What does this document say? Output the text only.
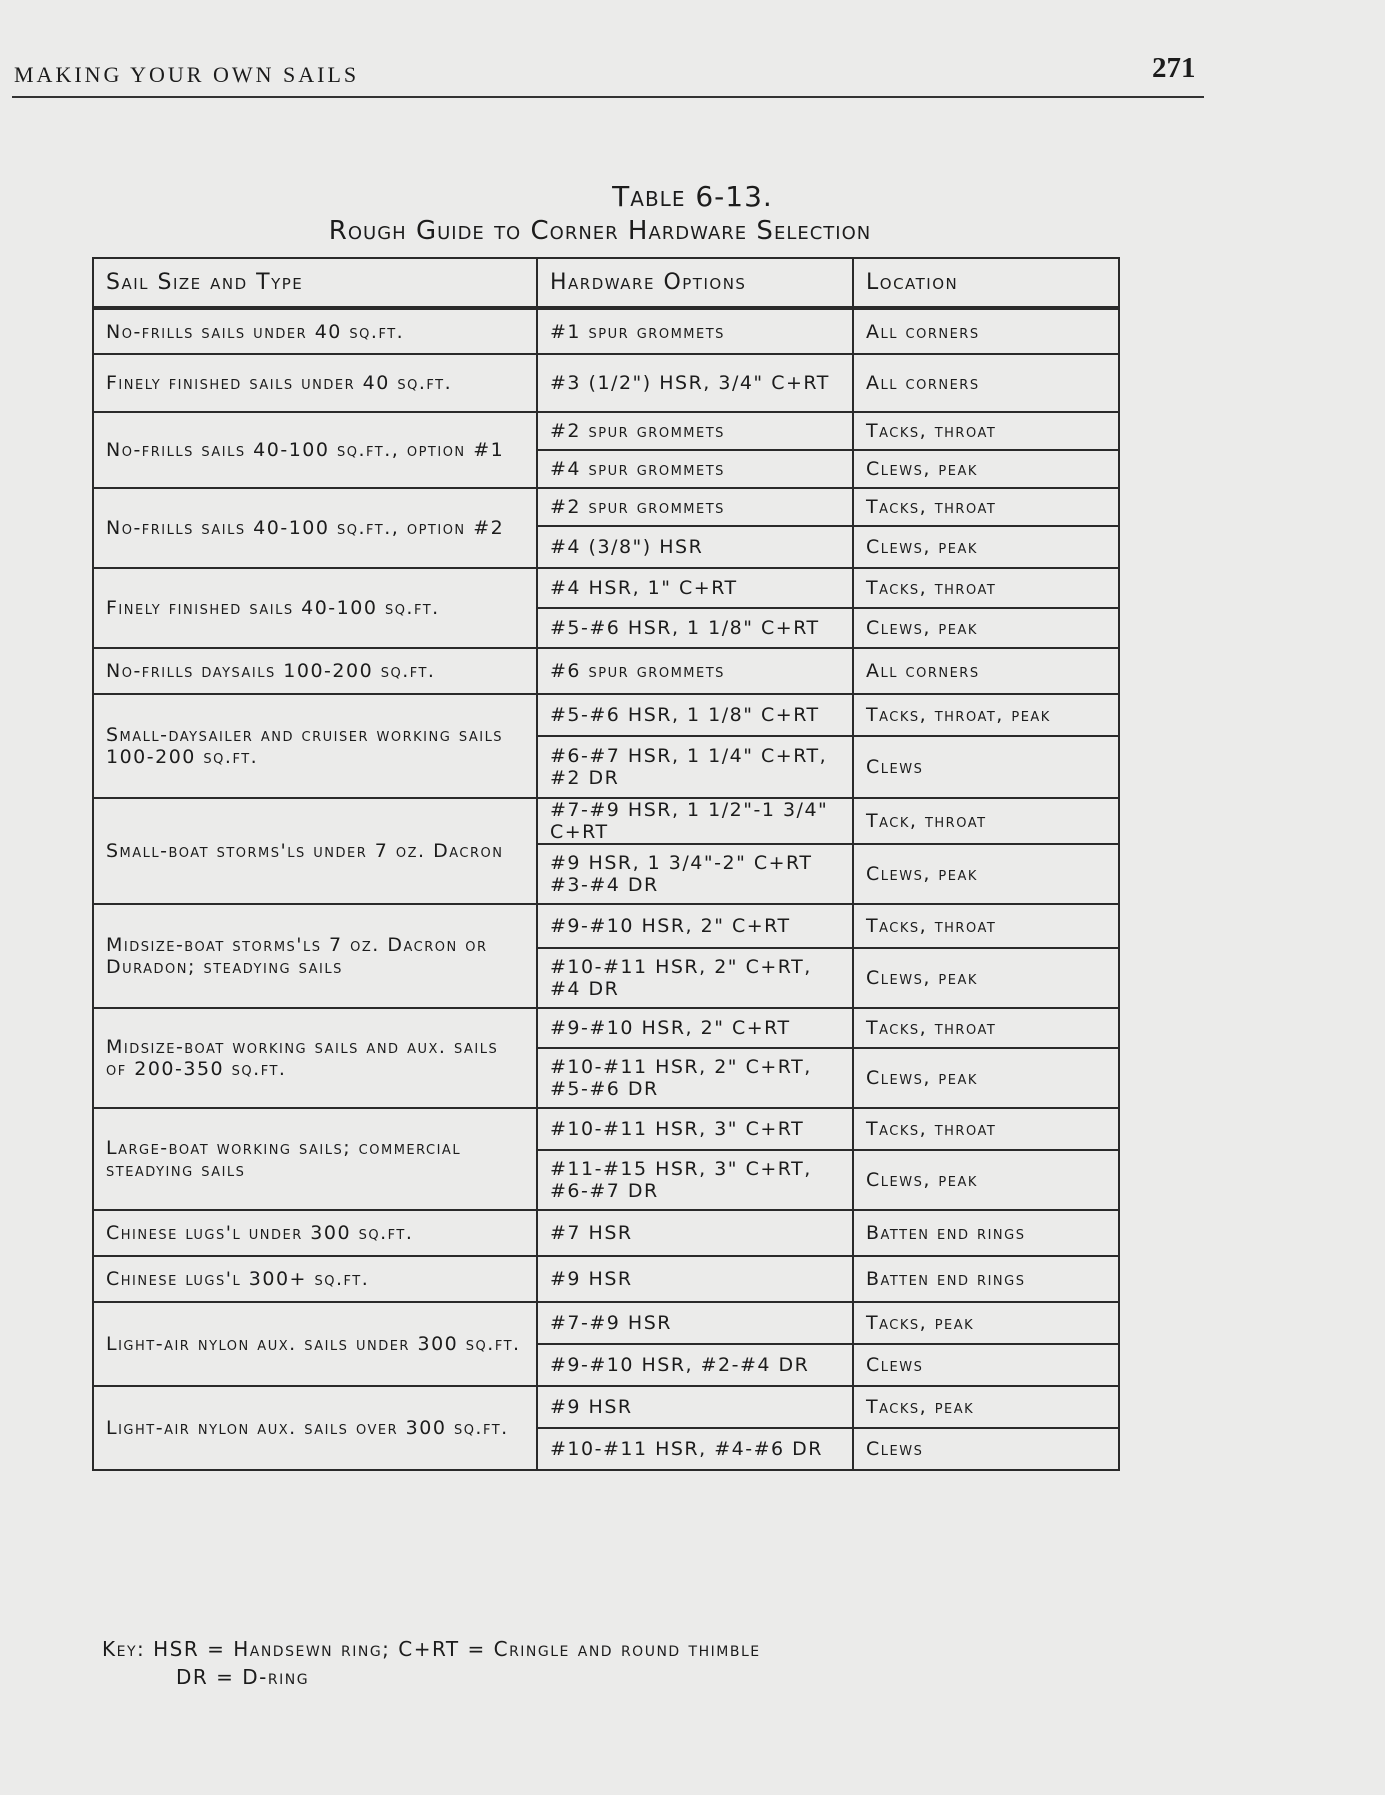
MAKING YOUR OWN SAILS	271
Table 6-13.
Rough Guide to Corner Hardware Selection
Sail Size and Type	Hardware Options	Location
No-frills sails under 40 sq.ft.	#1 spur grommets	All corners
Finely finished sails under 40 sq.ft.	#3 (1/2") HSR, 3/4" C+RT	All corners
No-frills sails 40-100 sq.ft., option #1	#2 spur grommets	Tacks, throat
	#4 spur grommets	Clews, peak
No-frills sails 40-100 sq.ft., option #2	#2 spur grommets	Tacks, throat
	#4 (3/8") HSR	Clews, peak
Finely finished sails 40-100 sq.ft.	#4 HSR, 1" C+RT	Tacks, throat
	#5-#6 HSR, 1 1/8" C+RT	Clews, peak
No-frills daysails 100-200 sq.ft.	#6 spur grommets	All corners
Small-daysailer and cruiser working sails 100-200 sq.ft.	#5-#6 HSR, 1 1/8" C+RT	Tacks, throat, peak
	#6-#7 HSR, 1 1/4" C+RT, #2 DR	Clews
Small-boat storms'ls under 7 oz. Dacron	#7-#9 HSR, 1 1/2"-1 3/4" C+RT	Tack, throat
	#9 HSR, 1 3/4"-2" C+RT #3-#4 DR	Clews, peak
Midsize-boat storms'ls 7 oz. Dacron or Duradon; steadying sails	#9-#10 HSR, 2" C+RT	Tacks, throat
	#10-#11 HSR, 2" C+RT, #4 DR	Clews, peak
Midsize-boat working sails and aux. sails of 200-350 sq.ft.	#9-#10 HSR, 2" C+RT	Tacks, throat
	#10-#11 HSR, 2" C+RT, #5-#6 DR	Clews, peak
Large-boat working sails; commercial steadying sails	#10-#11 HSR, 3" C+RT	Tacks, throat
	#11-#15 HSR, 3" C+RT, #6-#7 DR	Clews, peak
Chinese lugs'l under 300 sq.ft.	#7 HSR	Batten end rings
Chinese lugs'l 300+ sq.ft.	#9 HSR	Batten end rings
Light-air nylon aux. sails under 300 sq.ft.	#7-#9 HSR	Tacks, peak
	#9-#10 HSR, #2-#4 DR	Clews
Light-air nylon aux. sails over 300 sq.ft.	#9 HSR	Tacks, peak
	#10-#11 HSR, #4-#6 DR	Clews
Key: HSR = Handsewn ring; C+RT = Cringle and round thimble
DR = D-ring
